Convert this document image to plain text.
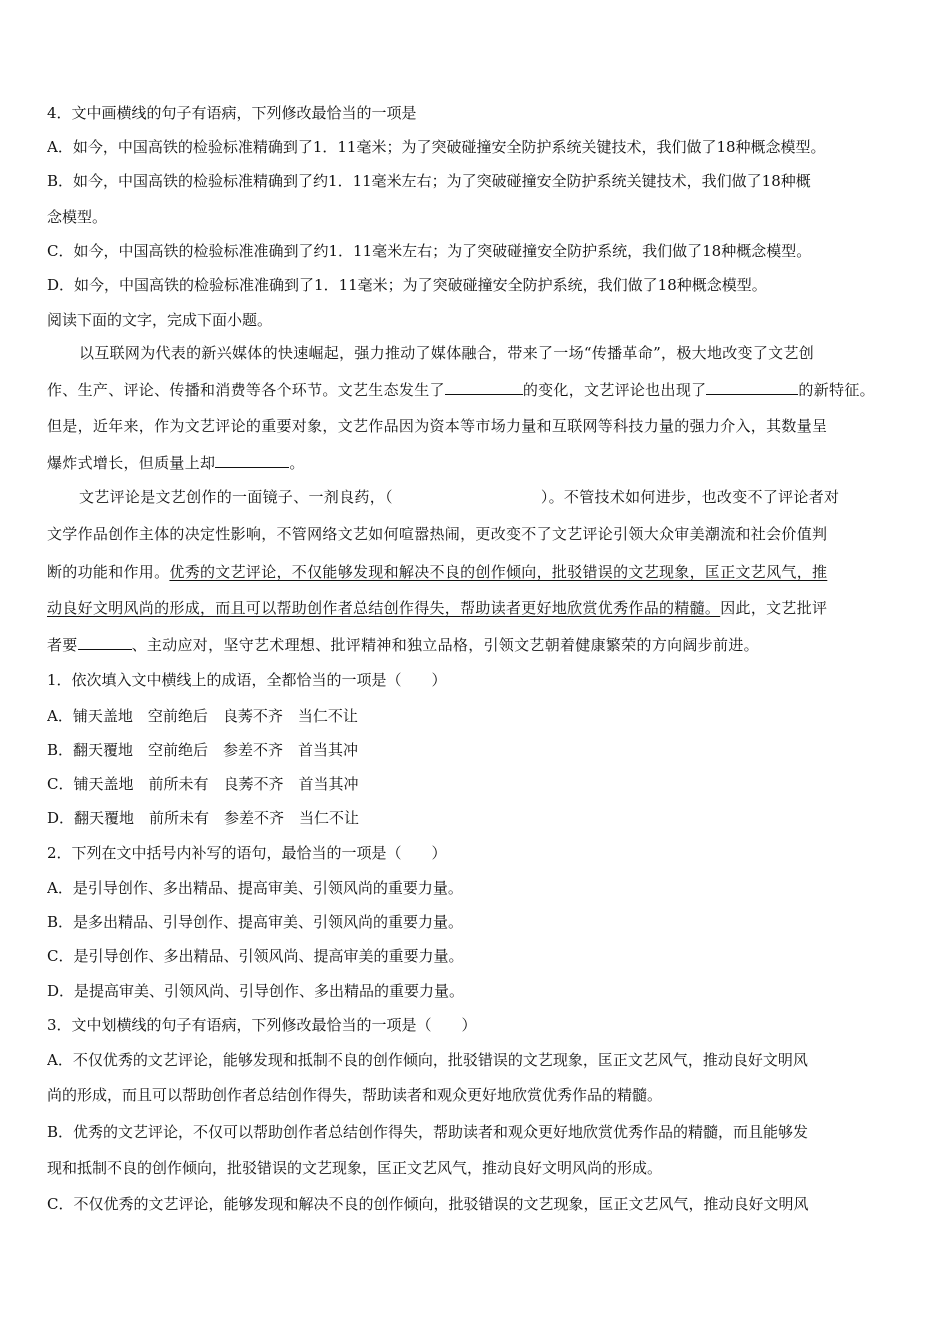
4．文中画横线的句子有语病，下列修改最恰当的一项是
A．如今，中国高铁的检验标准精确到了1．11毫米；为了突破碰撞安全防护系统关键技术，我们做了18种概念模型。
B．如今，中国高铁的检验标准精确到了约1．11毫米左右；为了突破碰撞安全防护系统关键技术，我们做了18种概
念模型。
C．如今，中国高铁的检验标准准确到了约1．11毫米左右；为了突破碰撞安全防护系统，我们做了18种概念模型。
D．如今，中国高铁的检验标准准确到了1．11毫米；为了突破碰撞安全防护系统，我们做了18种概念模型。
阅读下面的文字，完成下面小题。
以互联网为代表的新兴媒体的快速崛起，强力推动了媒体融合，带来了一场“传播革命”，极大地改变了文艺创
作、生产、评论、传播和消费等各个环节。文艺生态发生了	的变化，文艺评论也出现了	的新特征。
但是，近年来，作为文艺评论的重要对象，文艺作品因为资本等市场力量和互联网等科技力量的强力介入，其数量呈
爆炸式增长，但质量上却	。
文艺评论是文艺创作的一面镜子、一剂良药，（	）。不管技术如何进步，也改变不了评论者对
文学作品创作主体的决定性影响，不管网络文艺如何喧嚣热闹，更改变不了文艺评论引领大众审美潮流和社会价值判
断的功能和作用。优秀的文艺评论，不仅能够发现和解决不良的创作倾向，批驳错误的文艺现象，匡正文艺风气，推
动良好文明风尚的形成，而且可以帮助创作者总结创作得失，帮助读者更好地欣赏优秀作品的精髓。因此，文艺批评
者要	、主动应对，坚守艺术理想、批评精神和独立品格，引领文艺朝着健康繁荣的方向阔步前进。
1．依次填入文中横线上的成语，全都恰当的一项是（　　）
A．铺天盖地　空前绝后　良莠不齐　当仁不让
B．翻天覆地　空前绝后　参差不齐　首当其冲
C．铺天盖地　前所未有　良莠不齐　首当其冲
D．翻天覆地　前所未有　参差不齐　当仁不让
2．下列在文中括号内补写的语句，最恰当的一项是（　　）
A．是引导创作、多出精品、提高审美、引领风尚的重要力量。
B．是多出精品、引导创作、提高审美、引领风尚的重要力量。
C．是引导创作、多出精品、引领风尚、提高审美的重要力量。
D．是提高审美、引领风尚、引导创作、多出精品的重要力量。
3．文中划横线的句子有语病，下列修改最恰当的一项是（　　）
A．不仅优秀的文艺评论，能够发现和抵制不良的创作倾向，批驳错误的文艺现象，匡正文艺风气，推动良好文明风
尚的形成，而且可以帮助创作者总结创作得失，帮助读者和观众更好地欣赏优秀作品的精髓。
B．优秀的文艺评论，不仅可以帮助创作者总结创作得失，帮助读者和观众更好地欣赏优秀作品的精髓，而且能够发
现和抵制不良的创作倾向，批驳错误的文艺现象，匡正文艺风气，推动良好文明风尚的形成。
C．不仅优秀的文艺评论，能够发现和解决不良的创作倾向，批驳错误的文艺现象，匡正文艺风气，推动良好文明风
